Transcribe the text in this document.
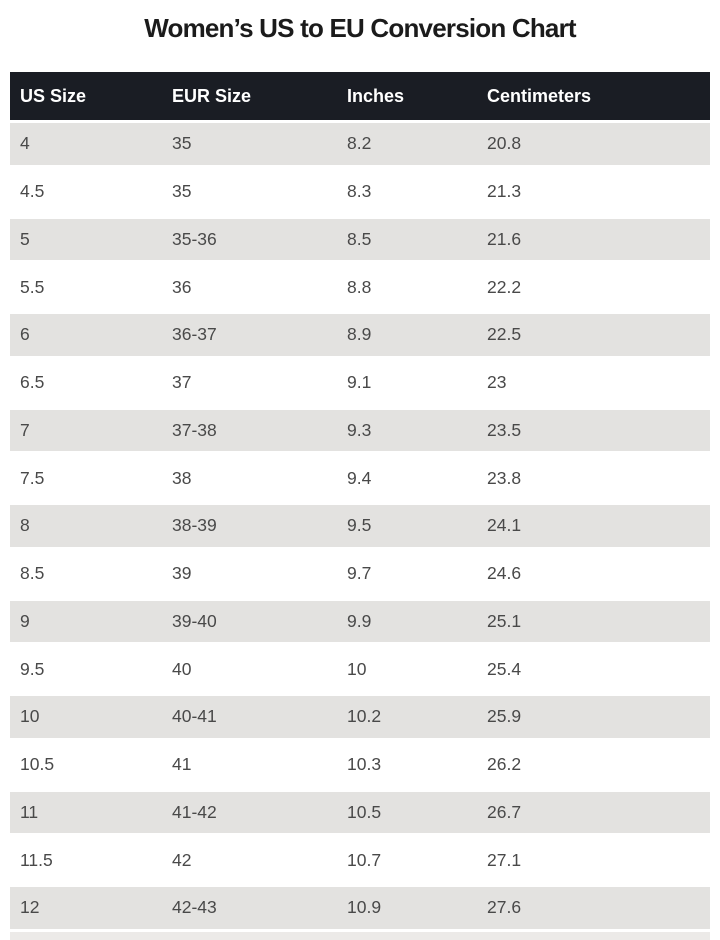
Women’s US to EU Conversion Chart
US Size	EUR Size	Inches	Centimeters
4	35	8.2	20.8
4.5	35	8.3	21.3
5	35-36	8.5	21.6
5.5	36	8.8	22.2
6	36-37	8.9	22.5
6.5	37	9.1	23
7	37-38	9.3	23.5
7.5	38	9.4	23.8
8	38-39	9.5	24.1
8.5	39	9.7	24.6
9	39-40	9.9	25.1
9.5	40	10	25.4
10	40-41	10.2	25.9
10.5	41	10.3	26.2
11	41-42	10.5	26.7
11.5	42	10.7	27.1
12	42-43	10.9	27.6
